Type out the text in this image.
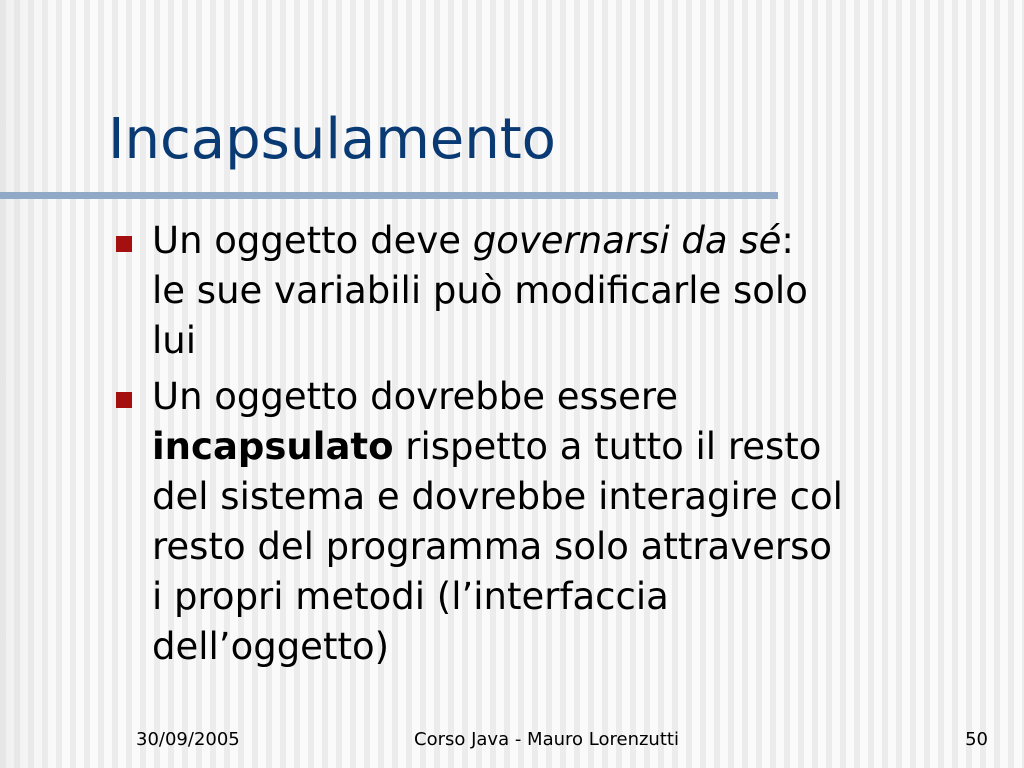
Incapsulamento
Un oggetto deve governarsi da sé:
le sue variabili può modificarle solo
lui
Un oggetto dovrebbe essere
incapsulato rispetto a tutto il resto
del sistema e dovrebbe interagire col
resto del programma solo attraverso
i propri metodi (l’interfaccia
dell’oggetto)
30/09/2005	Corso Java - Mauro Lorenzutti	50
